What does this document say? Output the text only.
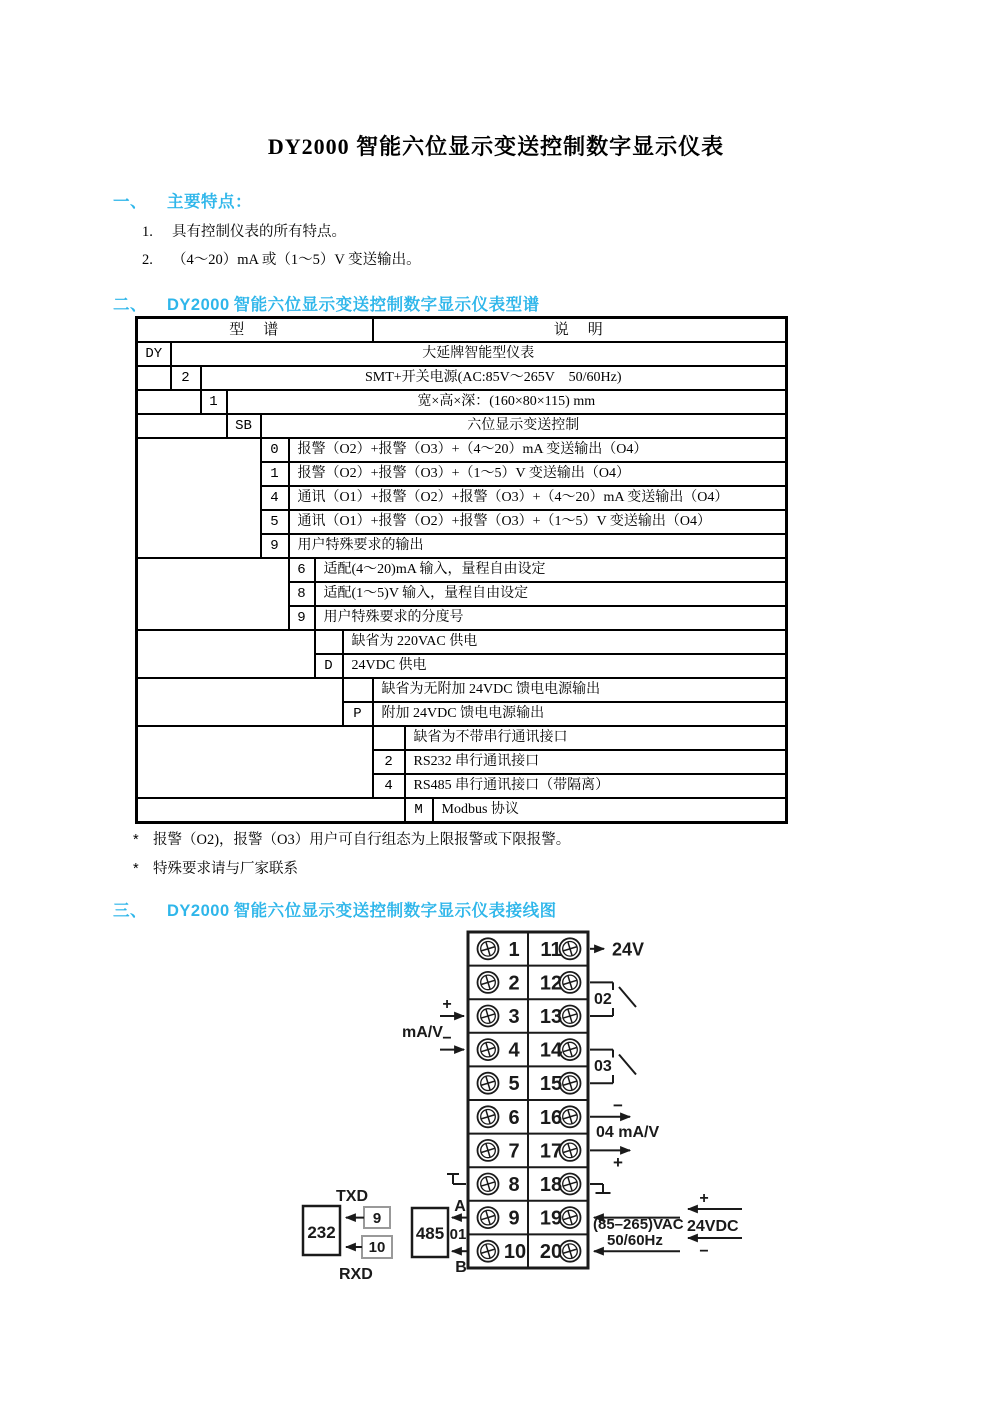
DY2000 智能六位显示变送控制数字显示仪表
一、 主要特点：
1. 具有控制仪表的所有特点。
2. （4～20）mA 或（1～5）V 变送输出。
二、 DY2000 智能六位显示变送控制数字显示仪表型谱
型　谱								说　明		
DY	大延牌智能型仪表									
	2	SMT+开关电源(AC:85V～265V　50/60Hz)								
		1	宽×高×深：(160×80×115) mm							
			SB	六位显示变送控制						
				0	报警（O2）+报警（O3）+（4～20）mA 变送输出（O4）					
				1	报警（O2）+报警（O3）+（1～5）V 变送输出（O4）					
				4	通讯（O1）+报警（O2）+报警（O3）+（4～20）mA 变送输出（O4）					
				5	通讯（O1）+报警（O2）+报警（O3）+（1～5）V 变送输出（O4）					
				9	用户特殊要求的输出					
					6	适配(4～20)mA 输入，量程自由设定				
					8	适配(1～5)V 输入，量程自由设定				
					9	用户特殊要求的分度号				
							缺省为 220VAC 供电			
						D	24VDC 供电			
								缺省为无附加 24VDC 馈电电源输出		
							P	附加 24VDC 馈电电源输出		
									缺省为不带串行通讯接口	
								2	RS232 串行通讯接口	
								4	RS485 串行通讯接口（带隔离）	
									M	Modbus 协议
* 报警（O2)，报警（O3）用户可自行组态为上限报警或下限报警。
* 特殊要求请与厂家联系
三、 DY2000 智能六位显示变送控制数字显示仪表接线图
1
2
3
4
5
6
7
8
9
10
11
12
13
14
15
16
17
18
19
20
24V
02
03
−
04 mA/V
+
(85–265)VAC
50/60Hz
+
24VDC
−
+
−
mA/V
485 01
A
B
232
9
10
TXD
RXD
